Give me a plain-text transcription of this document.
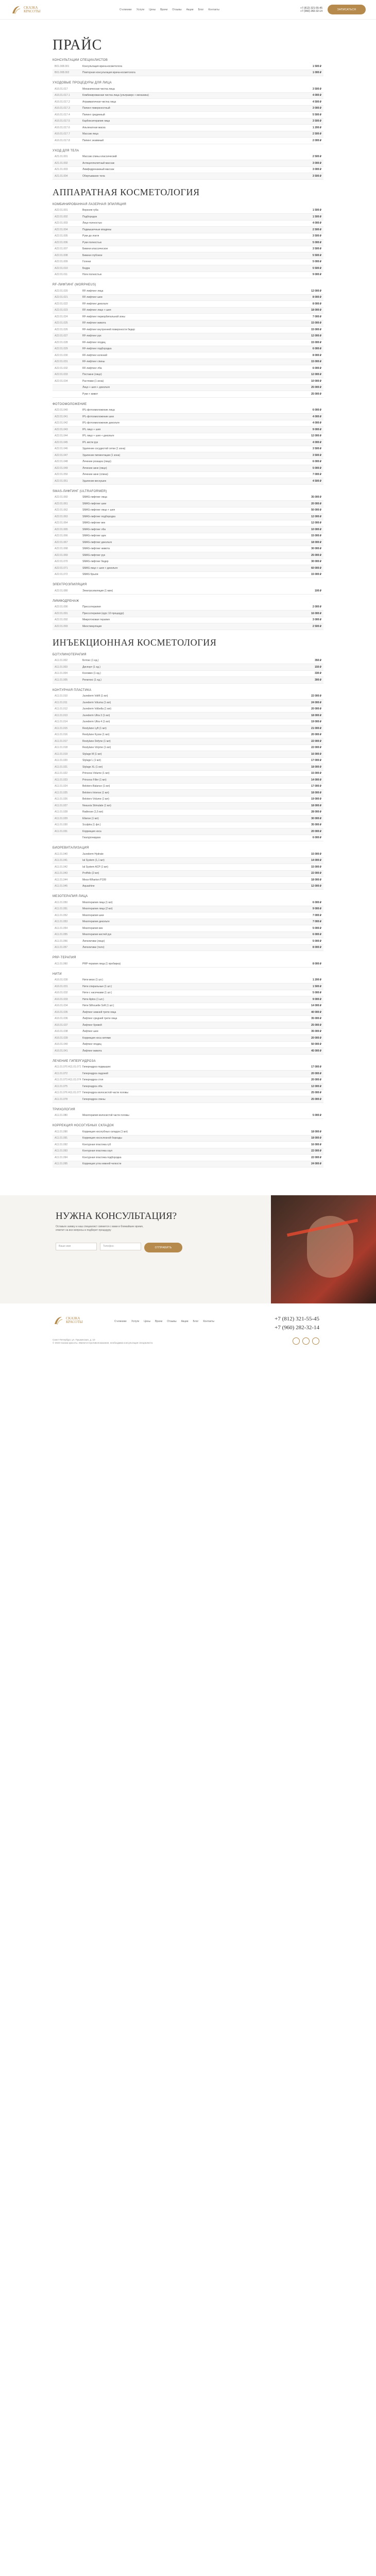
СКАЗКА
КРАСОТЫ	О клинике Услуги Цены Врачи Отзывы Акции Блог Контакты	+7 (812) 321-55-45
+7 (960) 282-32-14	ЗАПИСАТЬСЯ
ПРАЙС
КОНСУЛЬТАЦИИ СПЕЦИАЛИСТОВ
B01.008.001	Консультация врача-косметолога	1 500 ₽
B01.008.002	Повторная консультация врача-косметолога	1 000 ₽
УХОДОВЫЕ ПРОЦЕДУРЫ ДЛЯ ЛИЦА
A16.01.017	Механическая чистка лица	3 500 ₽
A16.01.017.1	Комбинированная чистка лица (ультразвук + механика)	4 000 ₽
A16.01.017.2	Атравматичная чистка лица	4 500 ₽
A16.01.017.3	Пилинг поверхностный	3 000 ₽
A16.01.017.4	Пилинг срединный	5 500 ₽
A16.01.017.5	Карбокситерапия лица	3 500 ₽
A16.01.017.6	Альгинатная маска	1 200 ₽
A16.01.017.7	Массаж лица	2 500 ₽
A16.01.017.8	Пилинг энзимный	2 000 ₽
УХОД ДЛЯ ТЕЛА
A21.01.001	Массаж спины классический	2 500 ₽
A21.01.002	Антицеллюлитный массаж	3 000 ₽
A21.01.003	Лимфодренажный массаж	3 000 ₽
A21.01.004	Обертывание тела	3 500 ₽
АППАРАТНАЯ КОСМЕТОЛОГИЯ
КОМБИНИРОВАННАЯ ЛАЗЕРНАЯ ЭПИЛЯЦИЯ
A22.01.001	Верхняя губа	1 500 ₽
A22.01.002	Подбородок	1 500 ₽
A22.01.003	Лицо полностью	4 000 ₽
A22.01.004	Подмышечные впадины	2 500 ₽
A22.01.005	Руки до локтя	3 500 ₽
A22.01.006	Руки полностью	5 000 ₽
A22.01.007	Бикини классическое	3 500 ₽
A22.01.008	Бикини глубокое	5 500 ₽
A22.01.009	Голени	5 000 ₽
A22.01.010	Бедра	5 500 ₽
A22.01.011	Ноги полностью	9 000 ₽
RF-ЛИФТИНГ (MORPHEUS)
A22.01.020	RF-лифтинг лица	12 000 ₽
A22.01.021	RF-лифтинг шеи	8 000 ₽
A22.01.022	RF-лифтинг декольте	8 000 ₽
A22.01.023	RF-лифтинг лицо + шея	18 000 ₽
A22.01.024	RF-лифтинг периорбитальной зоны	7 000 ₽
A22.01.025	RF-лифтинг живота	15 000 ₽
A22.01.026	RF-лифтинг внутренней поверхности бедер	15 000 ₽
A22.01.027	RF-лифтинг рук	12 000 ₽
A22.01.028	RF-лифтинг ягодиц	15 000 ₽
A22.01.029	RF-лифтинг подбородка	6 000 ₽
A22.01.030	RF-лифтинг коленей	8 000 ₽
A22.01.031	RF-лифтинг спины	15 000 ₽
A22.01.032	RF-лифтинг лба	6 000 ₽
A22.01.033	Постакне (лицо)	12 000 ₽
A22.01.034	Растяжки (1 зона)	10 000 ₽
Лицо + шея + декольте	25 000 ₽
Руки + живот	25 000 ₽
ФОТООМОЛОЖЕНИЕ
A22.01.040	IPL-фотоомоложение лица	6 000 ₽
A22.01.041	IPL-фотоомоложение шеи	4 000 ₽
A22.01.042	IPL-фотоомоложение декольте	4 000 ₽
A22.01.043	IPL лицо + шея	9 000 ₽
A22.01.044	IPL лицо + шея + декольте	12 000 ₽
A22.01.045	IPL кисти рук	4 000 ₽
A22.01.046	Удаление сосудистой сетки (1 зона)	3 500 ₽
A22.01.047	Удаление пигментации (1 зона)	3 500 ₽
A22.01.048	Лечение розацеа (лицо)	6 000 ₽
A22.01.049	Лечение акне (лицо)	5 000 ₽
A22.01.050	Лечение акне (спина)	7 000 ₽
A22.01.051	Удаление веснушек	4 500 ₽
SMAS-ЛИФТИНГ (ULTRAFORMER)
A22.01.060	SMAS-лифтинг лица	35 000 ₽
A22.01.061	SMAS-лифтинг шеи	20 000 ₽
A22.01.062	SMAS-лифтинг лицо + шея	50 000 ₽
A22.01.063	SMAS-лифтинг подбородка	12 000 ₽
A22.01.064	SMAS-лифтинг век	12 000 ₽
A22.01.065	SMAS-лифтинг лба	10 000 ₽
A22.01.066	SMAS-лифтинг щек	15 000 ₽
A22.01.067	SMAS-лифтинг декольте	18 000 ₽
A22.01.068	SMAS-лифтинг живота	30 000 ₽
A22.01.069	SMAS-лифтинг рук	25 000 ₽
A22.01.070	SMAS-лифтинг бедер	30 000 ₽
A22.01.071	SMAS лицо + шея + декольте	60 000 ₽
A22.01.072	SMAS брыли	15 000 ₽
ЭЛЕКТРОЭПИЛЯЦИЯ
A22.01.080	Электроэпиляция (1 мин)	100 ₽
ЛИМФОДРЕНАЖ
A22.01.090	Прессотерапия	2 000 ₽
A22.01.091	Прессотерапия (курс 10 процедур)	16 000 ₽
A22.01.092	Микротоковая терапия	3 000 ₽
A22.01.093	Миостимуляция	2 500 ₽
ИНЪЕКЦИОННАЯ КОСМЕТОЛОГИЯ
БОТУЛИНОТЕРАПИЯ
A11.01.002	Ботокс (1 ед.)	350 ₽
A11.01.003	Диспорт (1 ед.)	150 ₽
A11.01.004	Ксеомин (1 ед.)	330 ₽
A11.01.005	Релатокс (1 ед.)	300 ₽
КОНТУРНАЯ ПЛАСТИКА
A11.01.010	Juvederm Volift (1 мл)	22 000 ₽
A11.01.011	Juvederm Voluma (1 мл)	24 000 ₽
A11.01.012	Juvederm Volbella (1 мл)	20 000 ₽
A11.01.013	Juvederm Ultra 3 (1 мл)	18 000 ₽
A11.01.014	Juvederm Ultra 4 (1 мл)	19 000 ₽
A11.01.015	Restylane Lyft (1 мл)	21 000 ₽
A11.01.016	Restylane Kysse (1 мл)	20 000 ₽
A11.01.017	Restylane Defyne (1 мл)	22 000 ₽
A11.01.018	Restylane Volyme (1 мл)	22 000 ₽
A11.01.019	Stylage M (1 мл)	16 000 ₽
A11.01.020	Stylage L (1 мл)	17 000 ₽
A11.01.021	Stylage XL (1 мл)	18 000 ₽
A11.01.022	Princess Volume (1 мл)	15 000 ₽
A11.01.023	Princess Filler (1 мл)	14 000 ₽
A11.01.024	Belotero Balance (1 мл)	17 000 ₽
A11.01.025	Belotero Intense (1 мл)	18 000 ₽
A11.01.026	Belotero Volume (1 мл)	19 000 ₽
A11.01.027	Neauvia Stimulate (1 мл)	18 000 ₽
A11.01.028	Radiesse (1,5 мл)	28 000 ₽
A11.01.029	Ellanse (1 мл)	30 000 ₽
A11.01.030	Sculptra (1 фл.)	35 000 ₽
A11.01.031	Коррекция носа	20 000 ₽
Гиалуронидаза	6 000 ₽
БИОРЕВИТАЛИЗАЦИЯ
A11.01.040	Juvederm Hydrate	15 000 ₽
A11.01.041	Ial System (1,1 мл)	14 000 ₽
A11.01.042	Ial System ACP (1 мл)	15 000 ₽
A11.01.043	Profhilo (2 мл)	22 000 ₽
A11.01.044	Meso-Wharton P199	18 000 ₽
A11.01.045	Aquashine	12 000 ₽
МЕЗОТЕРАПИЯ ЛИЦА
A11.01.050	Мезотерапия лица (1 мл)	6 000 ₽
A11.01.051	Мезотерапия лица (2 мл)	9 000 ₽
A11.01.052	Мезотерапия шеи	7 000 ₽
A11.01.053	Мезотерапия декольте	7 000 ₽
A11.01.054	Мезотерапия век	5 000 ₽
A11.01.055	Мезотерапия кистей рук	6 000 ₽
A11.01.056	Липолитики (лицо)	5 000 ₽
A11.01.057	Липолитики (тело)	8 000 ₽
PRP-ТЕРАПИЯ
A11.01.060	PRP-терапия лица (1 пробирка)	8 000 ₽
НИТИ
A16.01.030	Нити мезо (1 шт.)	1 200 ₽
A16.01.031	Нити спиральные (1 шт.)	1 500 ₽
A16.01.032	Нити с насечками (1 шт.)	5 000 ₽
A16.01.033	Нити Aptos (1 шт.)	9 000 ₽
A16.01.034	Нити Silhouette Soft (1 шт.)	14 000 ₽
A16.01.035	Лифтинг нижней трети лица	40 000 ₽
A16.01.036	Лифтинг средней трети лица	35 000 ₽
A16.01.037	Лифтинг бровей	25 000 ₽
A16.01.038	Лифтинг шеи	35 000 ₽
A16.01.039	Коррекция носа нитями	20 000 ₽
A16.01.040	Лифтинг ягодиц	50 000 ₽
A16.01.041	Лифтинг живота	45 000 ₽
ЛЕЧЕНИЕ ГИПЕРГИДРОЗА
A11.01.070 A11.01.071 Гипергидроз подмышек	17 000 ₽
A11.01.072	Гипергидроз ладоней	20 000 ₽
A11.01.073 A11.01.074 Гипергидроз стоп	20 000 ₽
A11.01.075	Гипергидроз лба	12 000 ₽
A11.01.076 A11.01.077 Гипергидроз волосистой части головы	25 000 ₽
A11.01.078	Гипергидроз спины	25 000 ₽
ТРИХОЛОГИЯ
A11.01.080	Мезотерапия волосистой части головы	5 000 ₽
КОРРЕКЦИЯ НОСОГУБНЫХ СКЛАДОК
A11.01.090	Коррекция носогубных складок (1 мл)	18 000 ₽
A11.01.091	Коррекция носослезной борозды	18 000 ₽
A11.01.092	Контурная пластика губ	16 000 ₽
A11.01.093	Контурная пластика скул	22 000 ₽
A11.01.094	Контурная пластика подбородка	22 000 ₽
A11.01.095	Коррекция угла нижней челюсти	24 000 ₽
НУЖНА КОНСУЛЬТАЦИЯ?
Оставьте заявку и наш специалист свяжется с вами в ближайшее время, ответит на все вопросы и подберет процедуру
Ваше имя	Телефон	ОТПРАВИТЬ
СКАЗКА
КРАСОТЫ	О клинике Услуги Цены Врачи Отзывы Акции Блог Контакты	+7 (812) 321-55-45
+7 (960) 282-32-14
Санкт-Петербург, ул. Пушкинская, д. 10
© 2023 Сказка красоты. Имеются противопоказания, необходима консультация специалиста
